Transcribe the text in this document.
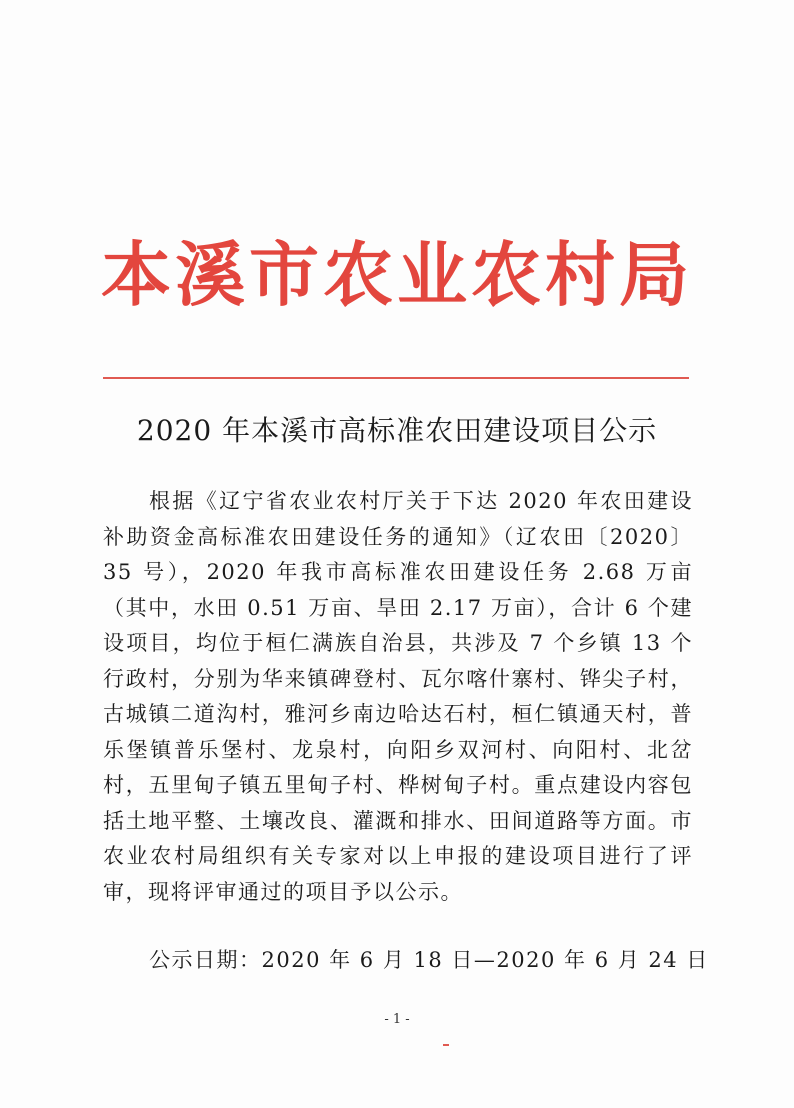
本溪市农业农村局
2020 年本溪市高标准农田建设项目公示

根据《辽宁省农业农村厅关于下达 2020 年农田建设补助资金高标准农田建设任务的通知》（辽农田〔2020〕35 号），2020 年我市高标准农田建设任务 2.68 万亩（其中，水田 0.51 万亩、旱田 2.17 万亩），合计 6 个建设项目，均位于桓仁满族自治县，共涉及 7 个乡镇 13 个行政村，分别为华来镇碑登村、瓦尔喀什寨村、铧尖子村，古城镇二道沟村，雅河乡南边哈达石村，桓仁镇通天村，普乐堡镇普乐堡村、龙泉村，向阳乡双河村、向阳村、北岔村，五里甸子镇五里甸子村、桦树甸子村。重点建设内容包括土地平整、土壤改良、灌溉和排水、田间道路等方面。市农业农村局组织有关专家对以上申报的建设项目进行了评审，现将评审通过的项目予以公示。

公示日期：2020 年 6 月 18 日—2020 年 6 月 24 日

- 1 -
